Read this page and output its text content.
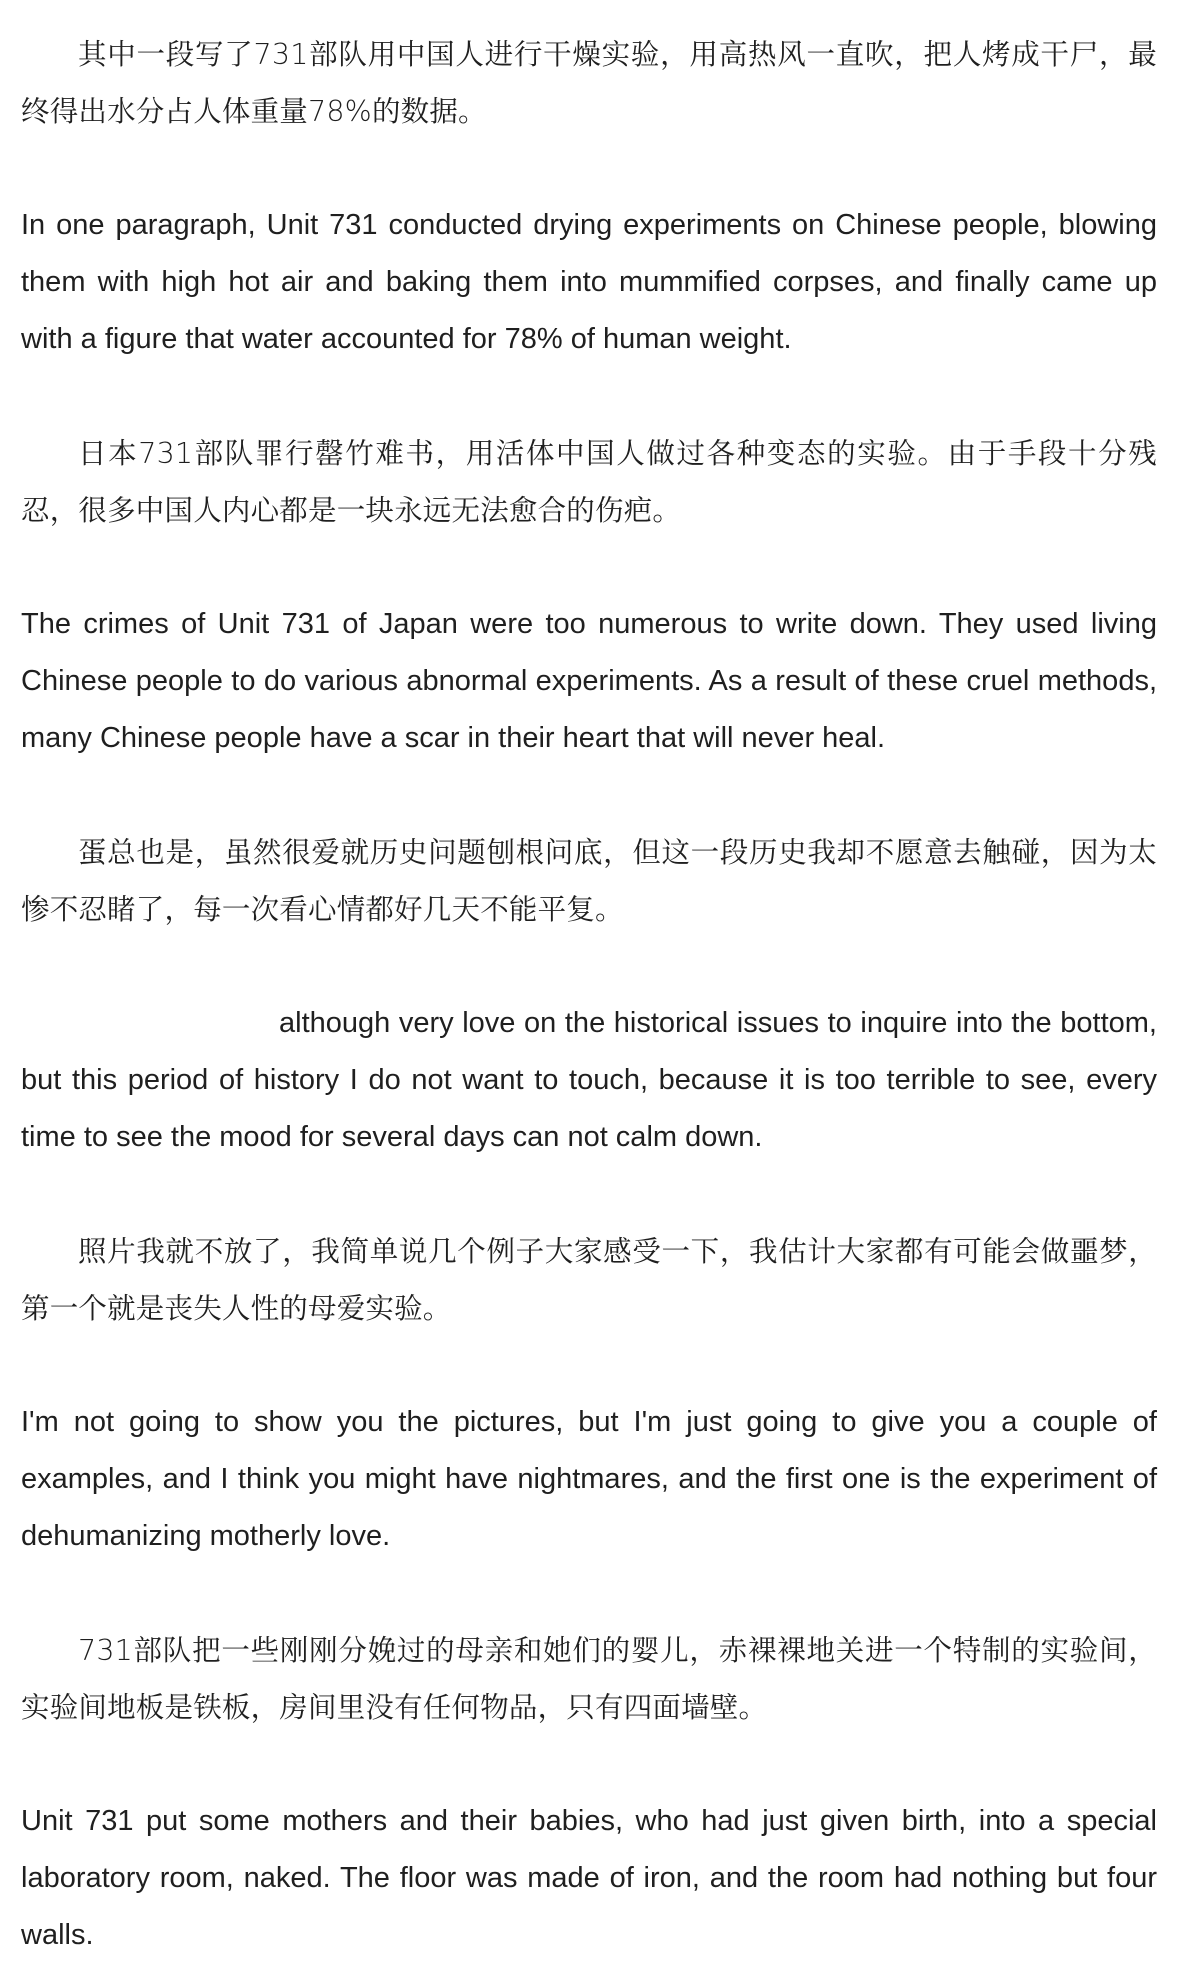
其中一段写了731部队用中国人进行干燥实验，用高热风一直吹，把人烤成干尸，最终得出水分占人体重量78%的数据。

In one paragraph, Unit 731 conducted drying experiments on Chinese people, blowing them with high hot air and baking them into mummified corpses, and finally came up with a figure that water accounted for 78% of human weight.

日本731部队罪行罄竹难书，用活体中国人做过各种变态的实验。由于手段十分残忍，很多中国人内心都是一块永远无法愈合的伤疤。

The crimes of Unit 731 of Japan were too numerous to write down. They used living Chinese people to do various abnormal experiments. As a result of these cruel methods, many Chinese people have a scar in their heart that will never heal.

蛋总也是，虽然很爱就历史问题刨根问底，但这一段历史我却不愿意去触碰，因为太惨不忍睹了，每一次看心情都好几天不能平复。

although very love on the historical issues to inquire into the bottom, but this period of history I do not want to touch, because it is too terrible to see, every time to see the mood for several days can not calm down.

照片我就不放了，我简单说几个例子大家感受一下，我估计大家都有可能会做噩梦，第一个就是丧失人性的母爱实验。

I'm not going to show you the pictures, but I'm just going to give you a couple of examples, and I think you might have nightmares, and the first one is the experiment of dehumanizing motherly love.

731部队把一些刚刚分娩过的母亲和她们的婴儿，赤裸裸地关进一个特制的实验间，实验间地板是铁板，房间里没有任何物品，只有四面墙壁。

Unit 731 put some mothers and their babies, who had just given birth, into a special laboratory room, naked. The floor was made of iron, and the room had nothing but four walls.
